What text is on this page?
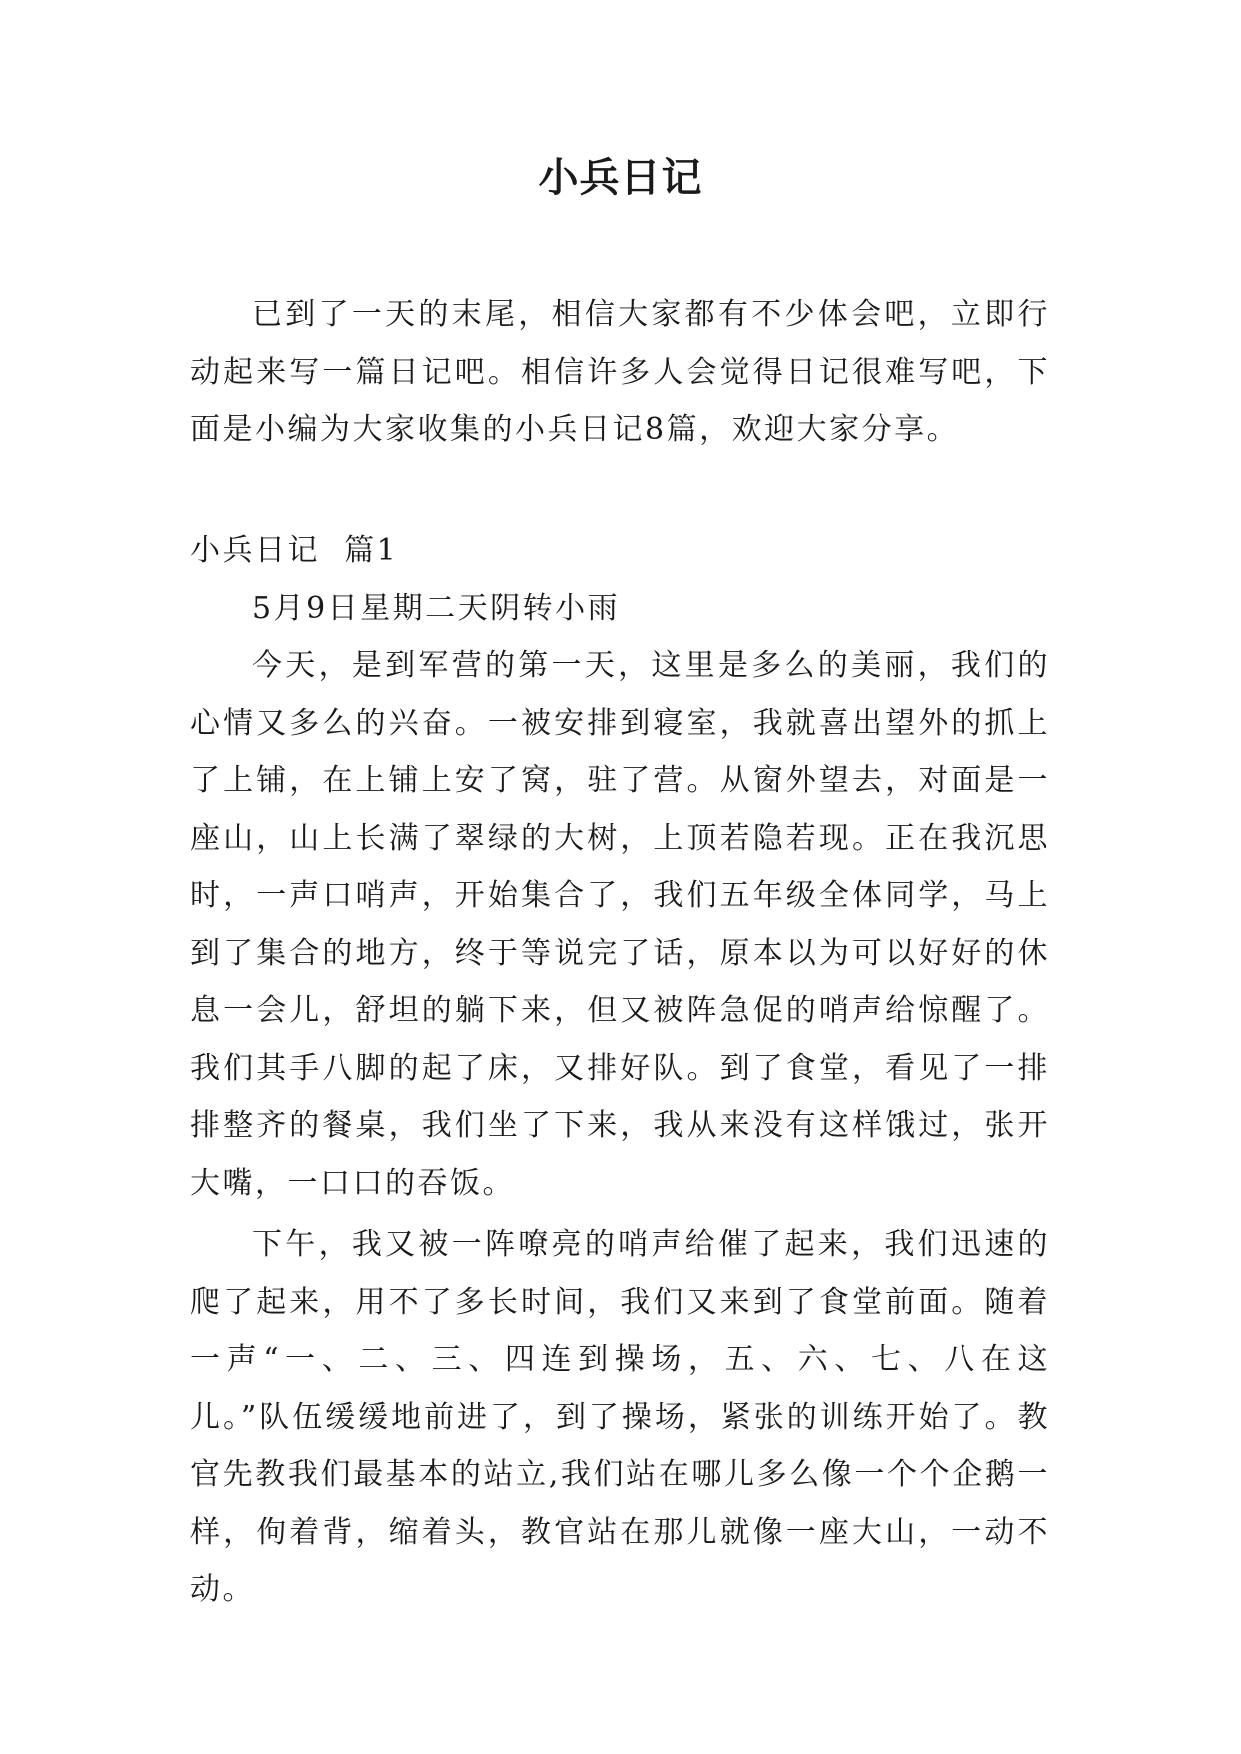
小兵日记

已到了一天的末尾，相信大家都有不少体会吧，立即行动起来写一篇日记吧。相信许多人会觉得日记很难写吧，下面是小编为大家收集的小兵日记8篇，欢迎大家分享。

小兵日记  篇1

5月9日星期二天阴转小雨

今天，是到军营的第一天，这里是多么的美丽，我们的心情又多么的兴奋。一被安排到寝室，我就喜出望外的抓上了上铺，在上铺上安了窝，驻了营。从窗外望去，对面是一座山，山上长满了翠绿的大树，上顶若隐若现。正在我沉思时，一声口哨声，开始集合了，我们五年级全体同学，马上到了集合的地方，终于等说完了话，原本以为可以好好的休息一会儿，舒坦的躺下来，但又被阵急促的哨声给惊醒了。我们其手八脚的起了床，又排好队。到了食堂，看见了一排排整齐的餐桌，我们坐了下来，我从来没有这样饿过，张开大嘴，一口口的吞饭。

下午，我又被一阵嘹亮的哨声给催了起来，我们迅速的爬了起来，用不了多长时间，我们又来到了食堂前面。随着一声“一、二、三、四连到操场，五、六、七、八在这儿。”队伍缓缓地前进了，到了操场，紧张的训练开始了。教官先教我们最基本的站立,我们站在哪儿多么像一个个企鹅一样，佝着背，缩着头，教官站在那儿就像一座大山，一动不动。
